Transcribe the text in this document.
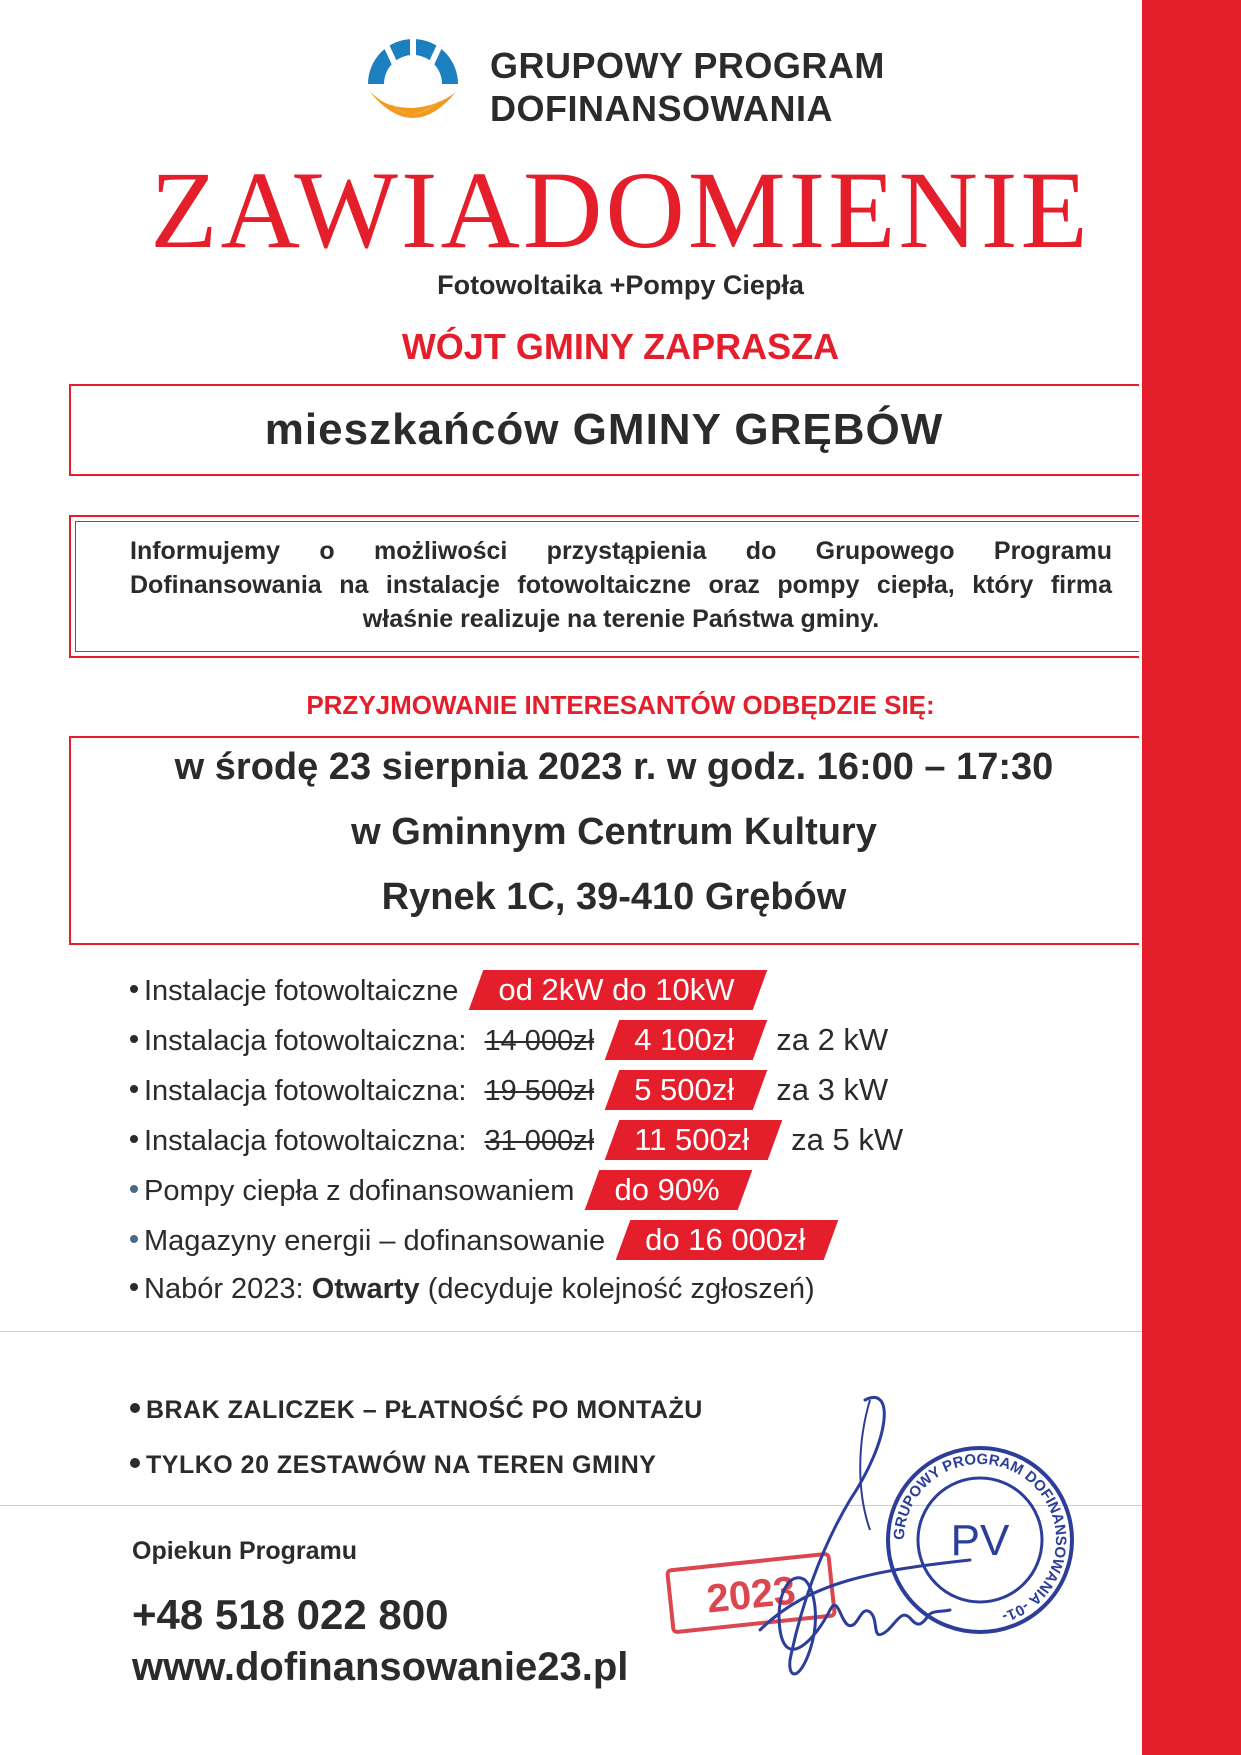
GRUPOWY PROGRAM
DOFINANSOWANIA
ZAWIADOMIENIE
Fotowoltaika +Pompy Ciepła
WÓJT GMINY ZAPRASZA
mieszkańców GMINY GRĘBÓW
Informujemy o możliwości przystąpienia do Grupowego Programu Dofinansowania na instalacje fotowoltaiczne oraz pompy ciepła, który firma właśnie realizuje na terenie Państwa gminy.
PRZYJMOWANIE INTERESANTÓW ODBĘDZIE SIĘ:
w środę 23 sierpnia 2023 r. w godz. 16:00 – 17:30
w Gminnym Centrum Kultury
Rynek 1C, 39-410 Grębów
Instalacje fotowoltaiczne od 2kW do 10kW
Instalacja fotowoltaiczna: 14 000zł 4 100zł za 2 kW
Instalacja fotowoltaiczna: 19 500zł 5 500zł za 3 kW
Instalacja fotowoltaiczna: 31 000zł 11 500zł za 5 kW
Pompy ciepła z dofinansowaniem do 90%
Magazyny energii – dofinansowanie do 16 000zł
Nabór 2023: Otwarty (decyduje kolejność zgłoszeń)
BRAK ZALICZEK – PŁATNOŚĆ PO MONTAŻU
TYLKO 20 ZESTAWÓW NA TEREN GMINY
Opiekun Programu
+48 518 022 800
www.dofinansowanie23.pl
2023
GRUPOWY PROGRAM DOFINANSOWANIA -01-
PV
